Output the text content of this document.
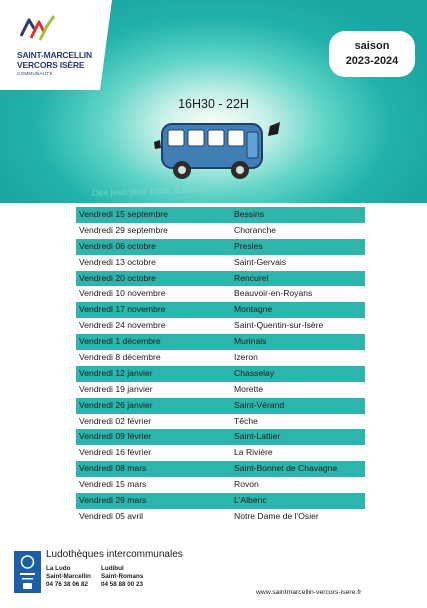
SAINT-MARCELLIN
VERCORS ISÈRE
COMMUNAUTÉ
saison
2023-2024
16H30 - 22H
Des jeux pour route la famille
Vendredi 15 septembre	Bessins
Vendredi 29 septembre	Choranche
Vendredi 06 octobre	Presles
Vendredi 13 octobre	Saint-Gervais
Vendredi 20 octobre	Rencurel
Vendredi 10 novembre	Beauvoir-en-Royans
Vendredi 17 novembre	Montagne
Vendredi 24 novembre	Saint-Quentin-sur-Isère
Vendredi 1 décembre	Murinais
Vendredi 8 décembre	Izeron
Vendredi 12 janvier	Chasselay
Vendredi 19 janvier	Morette
Vendredi 26 janvier	Saint-Vérand
Vendredi 02 février	Têche
Vendredi 09 février	Saint-Lattier
Vendredi 16 février	La Rivière
Vendredi 08 mars	Saint-Bonnet de Chavagne
Vendredi 15 mars	Rovon
Vendredi 29 mars	L'Albenc
Vendredi 05 avril	Notre Dame de l'Osier
Ludothèques intercommunales
La Ludo
Saint-Marcellin
04 76 38 06 82
Ludibul
Saint-Romans
04 58 88 00 23
www.saintmarcellin-vercors-isere.fr
